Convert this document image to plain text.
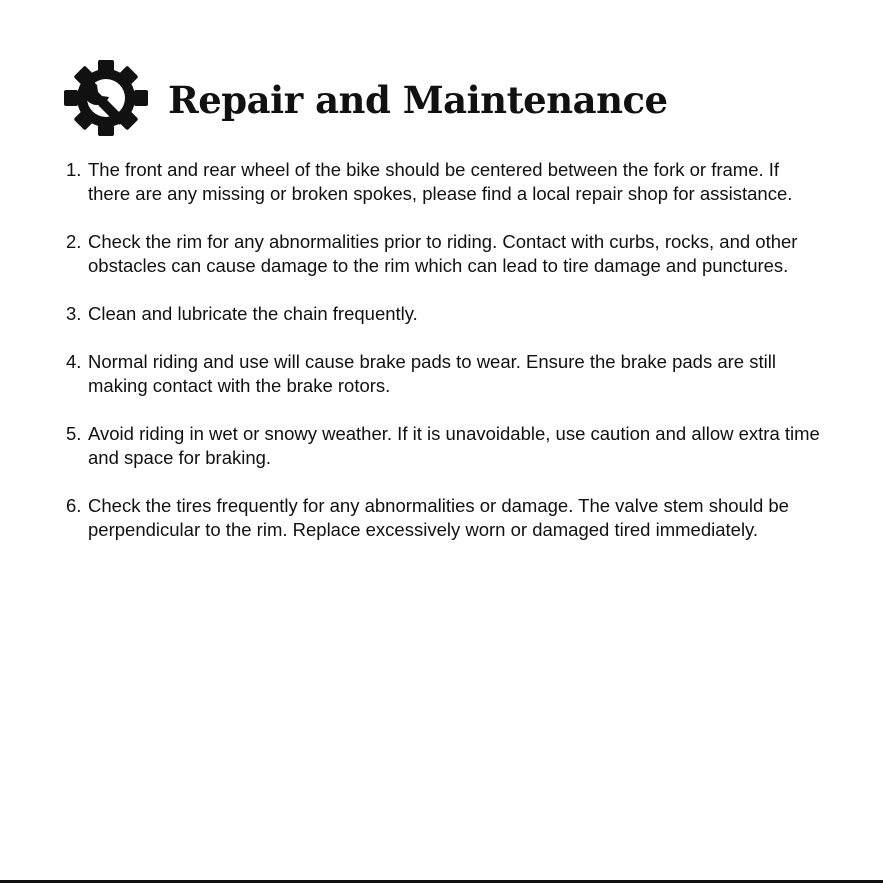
Repair and Maintenance
1. The front and rear wheel of the bike should be centered between the fork or frame. If there are any missing or broken spokes, please find a local repair shop for assistance.
2. Check the rim for any abnormalities prior to riding. Contact with curbs, rocks, and other obstacles can cause damage to the rim which can lead to tire damage and punctures.
3. Clean and lubricate the chain frequently.
4. Normal riding and use will cause brake pads to wear. Ensure the brake pads are still making contact with the brake rotors.
5. Avoid riding in wet or snowy weather. If it is unavoidable, use caution and allow extra time and space for braking.
6. Check the tires frequently for any abnormalities or damage. The valve stem should be perpendicular to the rim. Replace excessively worn or damaged tired immediately.
